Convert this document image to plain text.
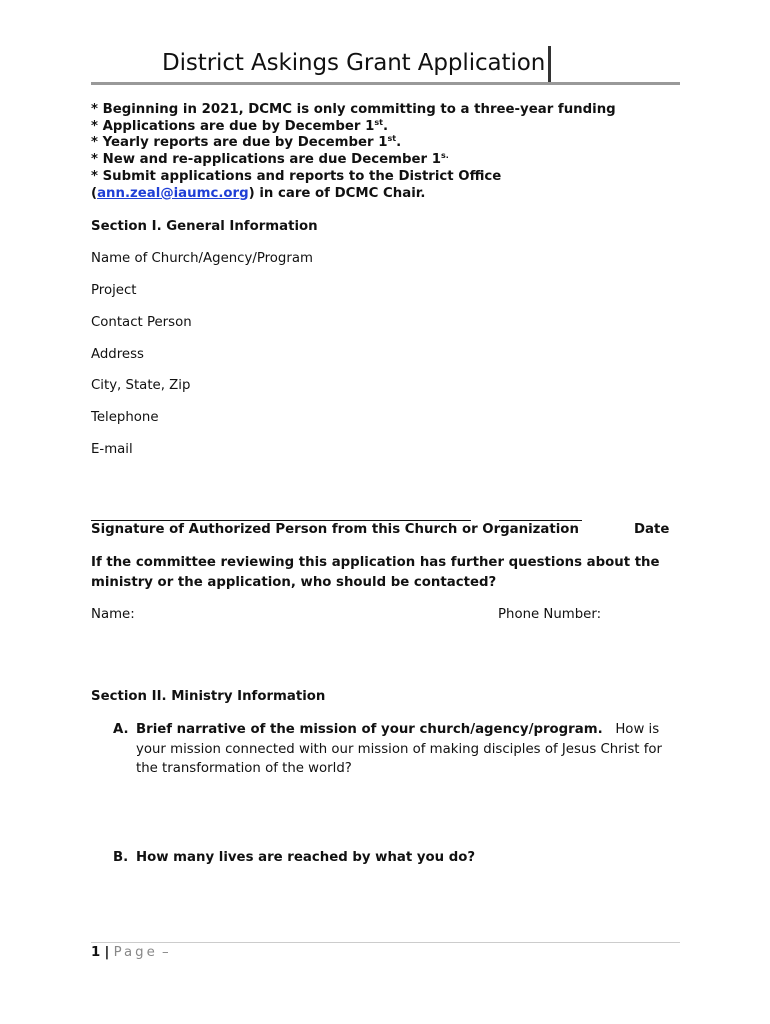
District Askings Grant Application
* Beginning in 2021, DCMC is only committing to a three-year funding
* Applications are due by December 1st.
* Yearly reports are due by December 1st.
* New and re-applications are due December $1^{s.}$
* Submit applications and reports to the District Office
(ann.zeal@iaumc.org) in care of DCMC Chair.
Section I. General Information
Name of Church/Agency/Program
Project
Contact Person
Address
City, State, Zip
Telephone
E-mail
Signature of Authorized Person from this Church or Organization	Date
If the committee reviewing this application has further questions about the ministry or the application, who should be contacted?
Name:	Phone Number:
Section II. Ministry Information
A. Brief narrative of the mission of your church/agency/program. How is your mission connected with our mission of making disciples of Jesus Christ for the transformation of the world?
B. How many lives are reached by what you do?
1 | Page –
